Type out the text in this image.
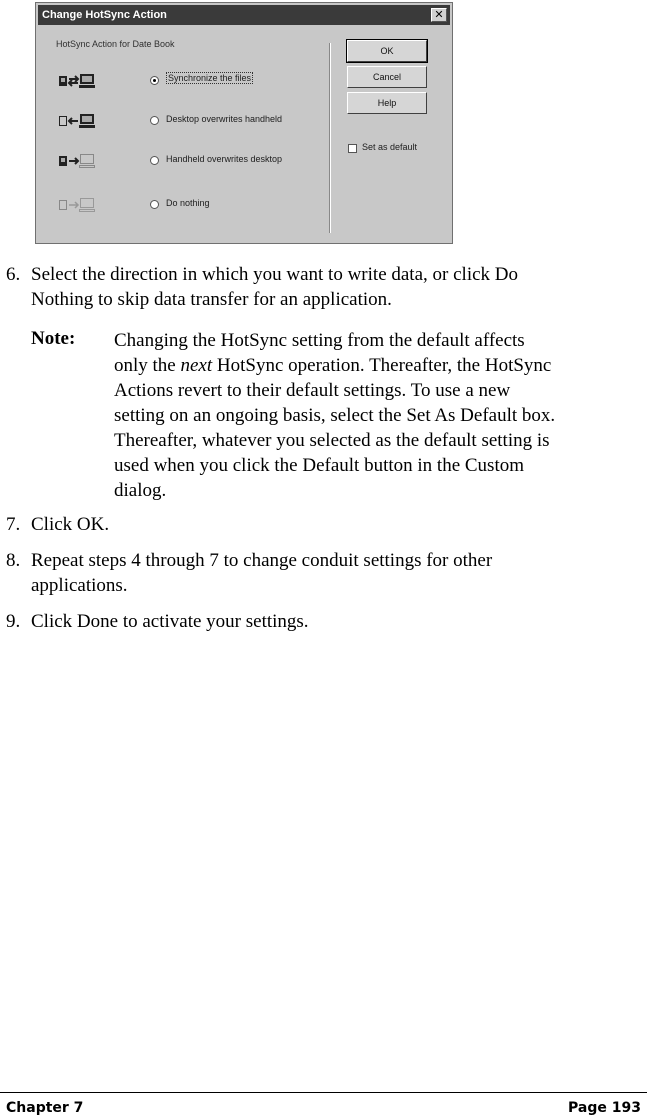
Change HotSync Action	✕
HotSync Action for Date Book
Synchronize the files
Desktop overwrites handheld
Handheld overwrites desktop
Do nothing
OK
Cancel
Help
Set as default
6. Select the direction in which you want to write data, or click Do
Nothing to skip data transfer for an application.
Note: Changing the HotSync setting from the default affects
only the next HotSync operation. Thereafter, the HotSync
Actions revert to their default settings. To use a new
setting on an ongoing basis, select the Set As Default box.
Thereafter, whatever you selected as the default setting is
used when you click the Default button in the Custom
dialog.
7. Click OK.
8. Repeat steps 4 through 7 to change conduit settings for other
applications.
9. Click Done to activate your settings.
Chapter 7	Page 193
